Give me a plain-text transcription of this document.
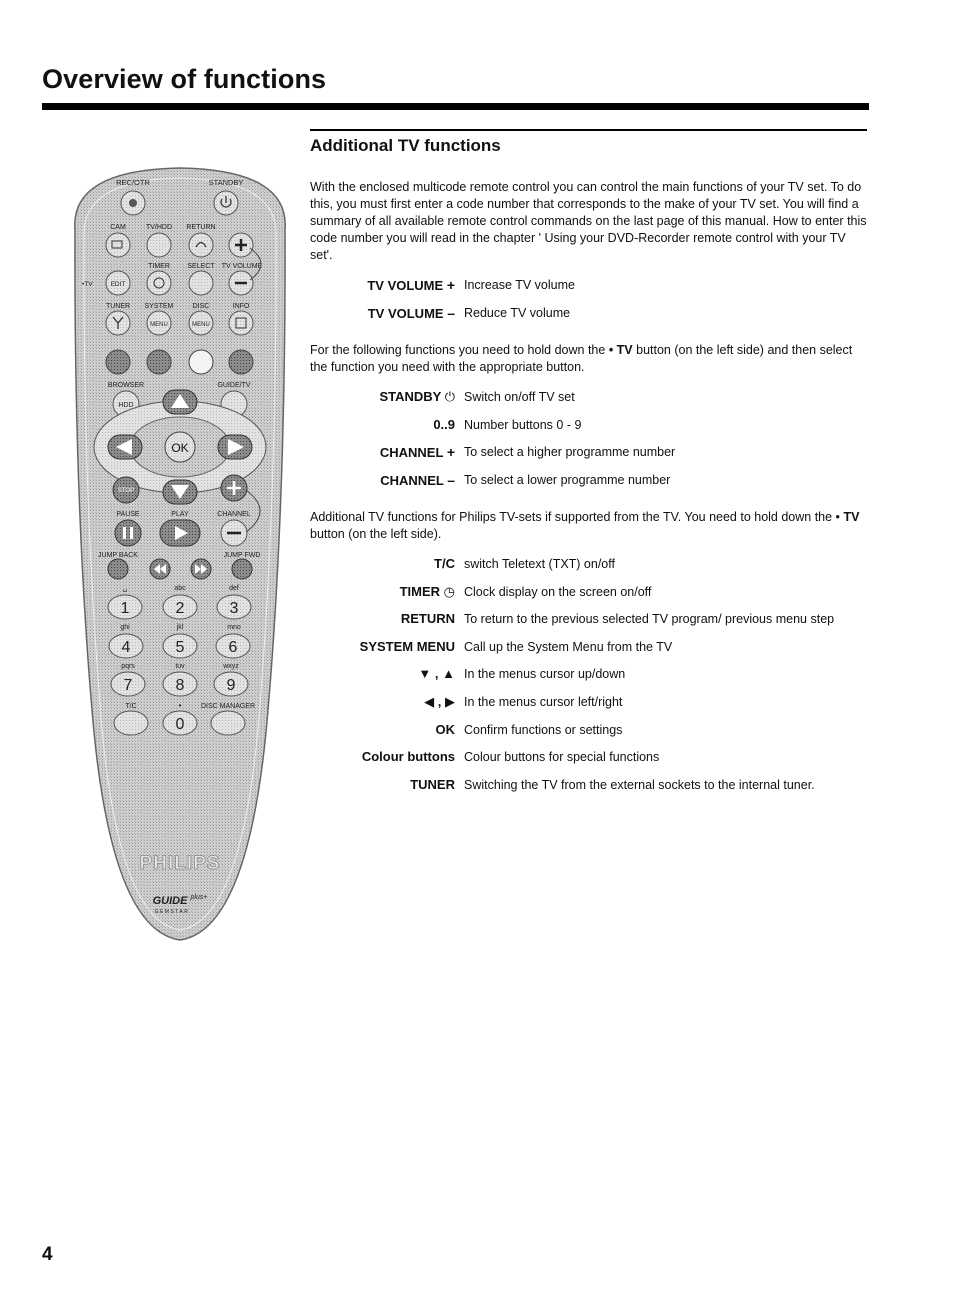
Overview of functions
REC/OTR	STANDBY
CAM	TV/HDD RETURN
TIMER SELECT TV VOLUME
•TV	EDIT
TUNER SYSTEM	DISC	INFO
MENU	MENU
BROWSER	GUIDE/TV
HDD
OK
STOP
PAUSE	PLAY	CHANNEL
JUMP BACK	JUMP FWD
␣	abc	def
1	2	3
ghi	jkl	mno
4	5	6
pqrs	tuv	wxyz
7	8	9
T/C	•	DISC MANAGER
0
PHILIPS
GUIDE plus+
GEMSTAR
Additional TV functions

With the enclosed multicode remote control you can control the main functions of your TV set. To do this, you must first enter a code number that corresponds to the make of your TV set. You will find a summary of all available remote control commands on the last page of this manual. How to enter this code number you will read in the chapter ' Using your DVD-Recorder remote control with your TV set'.

TV VOLUME + Increase TV volume
TV VOLUME – Reduce TV volume

For the following functions you need to hold down the • TV button (on the left side) and then select the function you need with the appropriate button.

STANDBY ⏻ Switch on/off TV set
0..9 Number buttons 0 - 9
CHANNEL + To select a higher programme number
CHANNEL – To select a lower programme number

Additional TV functions for Philips TV-sets if supported from the TV. You need to hold down the • TV button (on the left side).

T/C switch Teletext (TXT) on/off
TIMER ◷ Clock display on the screen on/off
RETURN To return to the previous selected TV program/ previous menu step
SYSTEM MENU Call up the System Menu from the TV
▼ , ▲ In the menus cursor up/down
◀ , ▶ In the menus cursor left/right
OK Confirm functions or settings
Colour buttons Colour buttons for special functions
TUNER Switching the TV from the external sockets to the internal tuner.
4
